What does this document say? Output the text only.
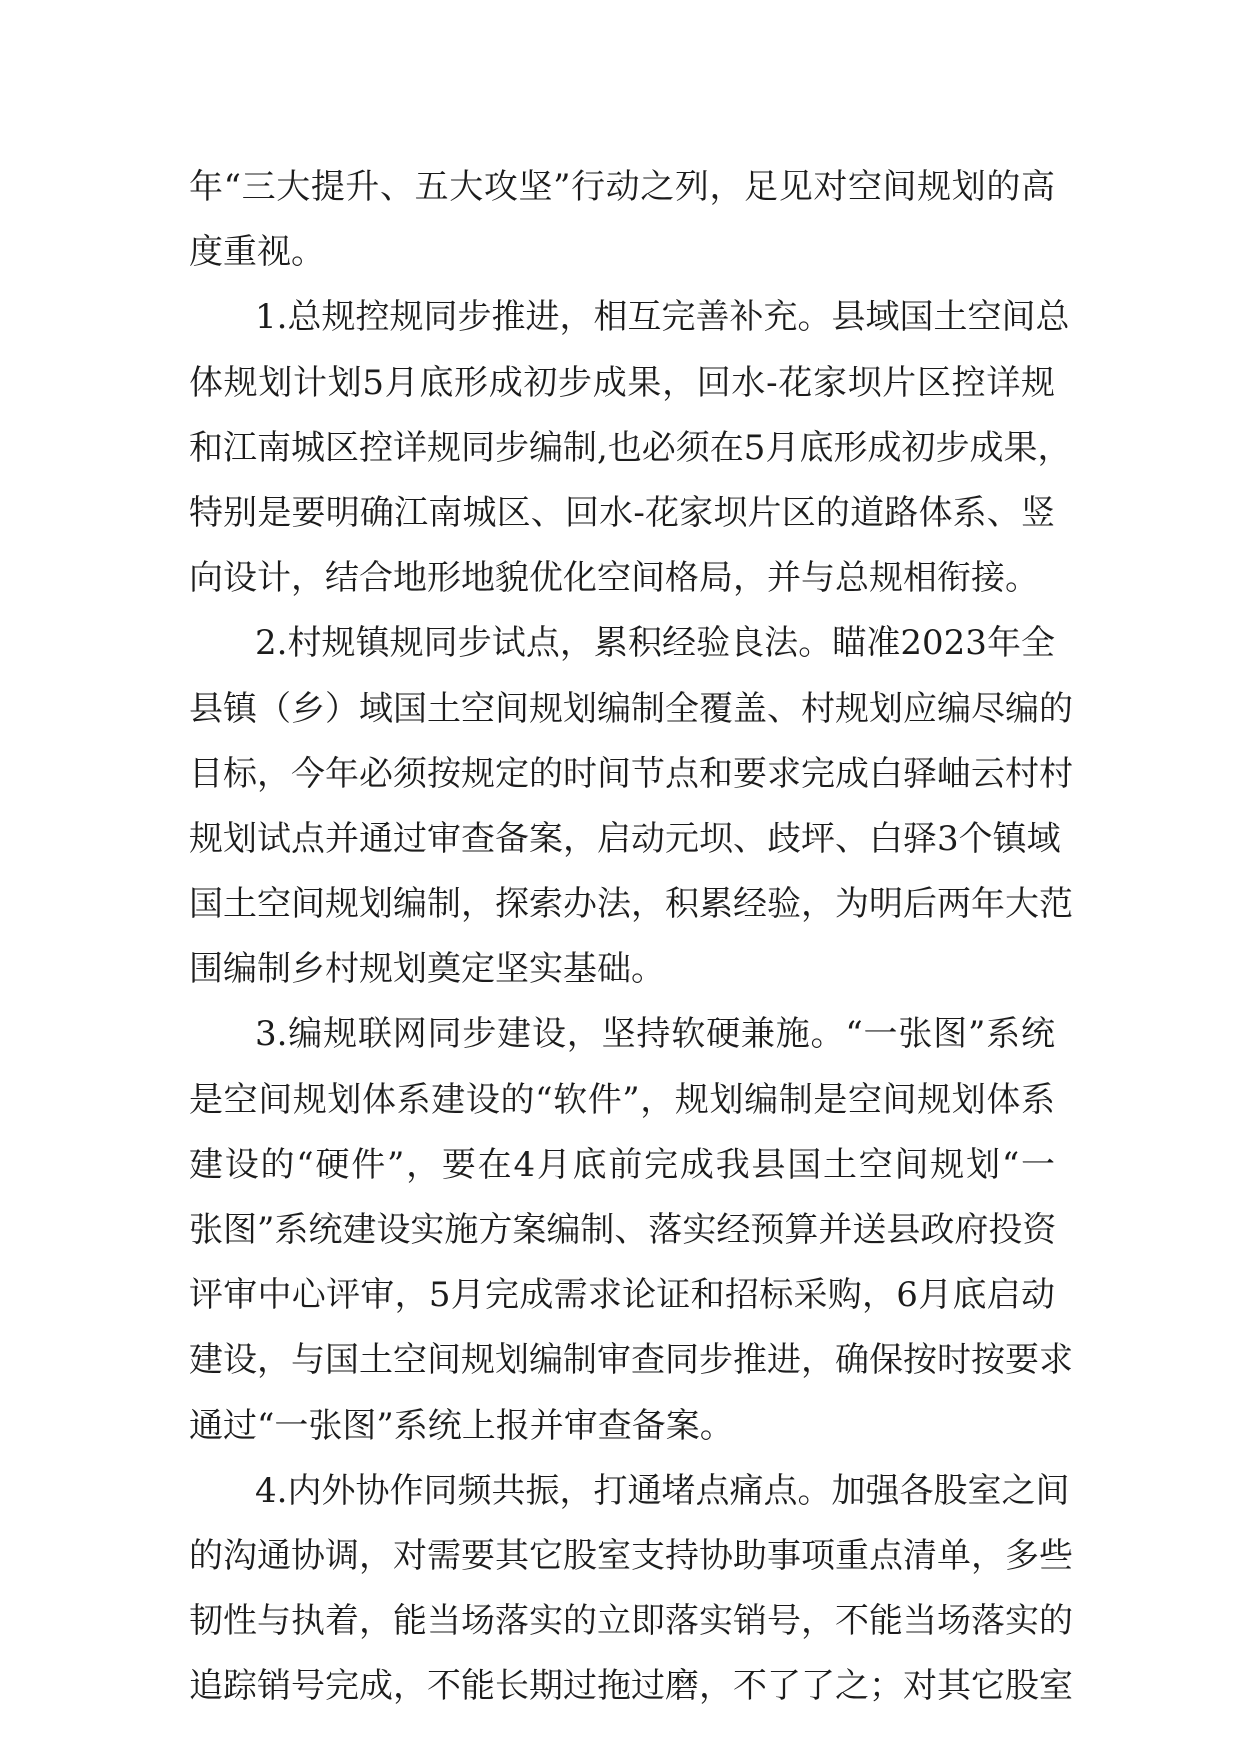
年“三大提升、五大攻坚”行动之列，足见对空间规划的高
度重视。
1.总规控规同步推进，相互完善补充。县域国土空间总
体规划计划5月底形成初步成果，回水-花家坝片区控详规
和江南城区控详规同步编制,也必须在5月底形成初步成果，
特别是要明确江南城区、回水-花家坝片区的道路体系、竖
向设计，结合地形地貌优化空间格局，并与总规相衔接。
2.村规镇规同步试点，累积经验良法。瞄准2023年全
县镇（乡）域国土空间规划编制全覆盖、村规划应编尽编的
目标，今年必须按规定的时间节点和要求完成白驿岫云村村
规划试点并通过审查备案，启动元坝、歧坪、白驿3个镇域
国土空间规划编制，探索办法，积累经验，为明后两年大范
围编制乡村规划奠定坚实基础。
3.编规联网同步建设，坚持软硬兼施。“一张图”系统
是空间规划体系建设的“软件”，规划编制是空间规划体系
建设的“硬件”，要在4月底前完成我县国土空间规划“一
张图”系统建设实施方案编制、落实经预算并送县政府投资
评审中心评审，5月完成需求论证和招标采购，6月底启动
建设，与国土空间规划编制审查同步推进，确保按时按要求
通过“一张图”系统上报并审查备案。
4.内外协作同频共振，打通堵点痛点。加强各股室之间
的沟通协调，对需要其它股室支持协助事项重点清单，多些
韧性与执着，能当场落实的立即落实销号，不能当场落实的
追踪销号完成，不能长期过拖过磨，不了了之；对其它股室
